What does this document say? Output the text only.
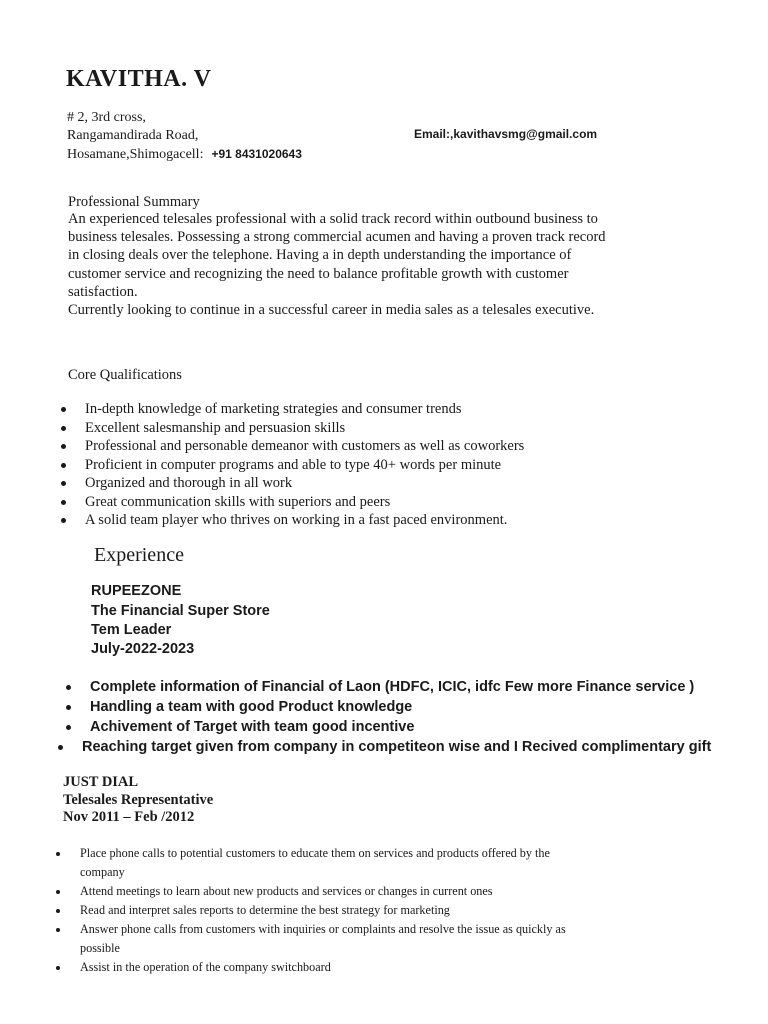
KAVITHA. V
# 2, 3rd cross,
Rangamandirada Road,
Hosamane,Shimogacell: +91 8431020643
Email:,kavithavsmg@gmail.com
Professional Summary

An experienced telesales professional with a solid track record within outbound business to
business telesales. Possessing a strong commercial acumen and having a proven track record
in closing deals over the telephone. Having a in depth understanding the importance of
customer service and recognizing the need to balance profitable growth with customer
satisfaction.

Currently looking to continue in a successful career in media sales as a telesales executive.

Core Qualifications
In-depth knowledge of marketing strategies and consumer trends
Excellent salesmanship and persuasion skills
Professional and personable demeanor with customers as well as coworkers
Proficient in computer programs and able to type 40+ words per minute
Organized and thorough in all work
Great communication skills with superiors and peers
A solid team player who thrives on working in a fast paced environment.
Experience
RUPEEZONE
The Financial Super Store
Tem Leader
July-2022-2023
Complete information of Financial of Laon (HDFC, ICIC, idfc Few more Finance service )
Handling a team with good Product knowledge
Achivement of Target with team good incentive
Reaching target given from company in competiteon wise and I Recived complimentary gift
JUST DIAL
Telesales Representative
Nov 2011 – Feb /2012
Place phone calls to potential customers to educate them on services and products offered by the
company
Attend meetings to learn about new products and services or changes in current ones
Read and interpret sales reports to determine the best strategy for marketing
Answer phone calls from customers with inquiries or complaints and resolve the issue as quickly as
possible
Assist in the operation of the company switchboard
